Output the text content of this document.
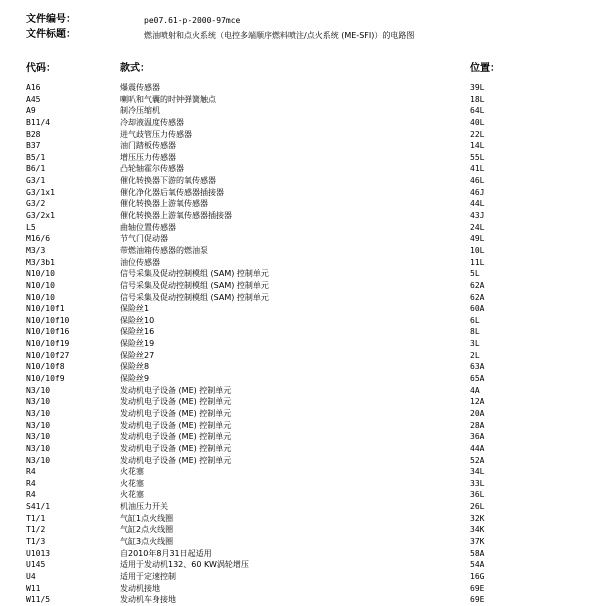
文件编号：	pe07.61-p-2000-97mce
文件标题：	燃油喷射和点火系统（电控多端顺序燃料喷注/点火系统 (ME-SFI)）的电路图
代码：	款式：	位置：
A16	爆震传感器	39L
A45	喇叭和气囊的时钟弹簧触点	18L
A9	制冷压缩机	64L
B11/4	冷却液温度传感器	40L
B28	进气歧管压力传感器	22L
B37	油门踏板传感器	14L
B5/1	增压压力传感器	55L
B6/1	凸轮轴霍尔传感器	41L
G3/1	催化转换器下游的氧传感器	46L
G3/1x1	催化净化器后氧传感器插接器	46J
G3/2	催化转换器上游氧传感器	44L
G3/2x1	催化转换器上游氧传感器插接器	43J
L5	曲轴位置传感器	24L
M16/6	节气门促动器	49L
M3/3	带燃油箱传感器的燃油泵	10L
M3/3b1	油位传感器	11L
N10/10	信号采集及促动控制模组 (SAM) 控制单元	5L
N10/10	信号采集及促动控制模组 (SAM) 控制单元	62A
N10/10	信号采集及促动控制模组 (SAM) 控制单元	62A
N10/10f1	保险丝1	60A
N10/10f10	保险丝10	6L
N10/10f16	保险丝16	8L
N10/10f19	保险丝19	3L
N10/10f27	保险丝27	2L
N10/10f8	保险丝8	63A
N10/10f9	保险丝9	65A
N3/10	发动机电子设备 (ME) 控制单元	4A
N3/10	发动机电子设备 (ME) 控制单元	12A
N3/10	发动机电子设备 (ME) 控制单元	20A
N3/10	发动机电子设备 (ME) 控制单元	28A
N3/10	发动机电子设备 (ME) 控制单元	36A
N3/10	发动机电子设备 (ME) 控制单元	44A
N3/10	发动机电子设备 (ME) 控制单元	52A
R4	火花塞	34L
R4	火花塞	33L
R4	火花塞	36L
S41/1	机油压力开关	26L
T1/1	气缸1点火线圈	32K
T1/2	气缸2点火线圈	34K
T1/3	气缸3点火线圈	37K
U1013	自2010年8月31日起适用	58A
U145	适用于发动机132、60 KW涡轮增压	54A
U4	适用于定速控制	16G
W11	发动机接地	69E
W11/5	发动机车身接地	69E
